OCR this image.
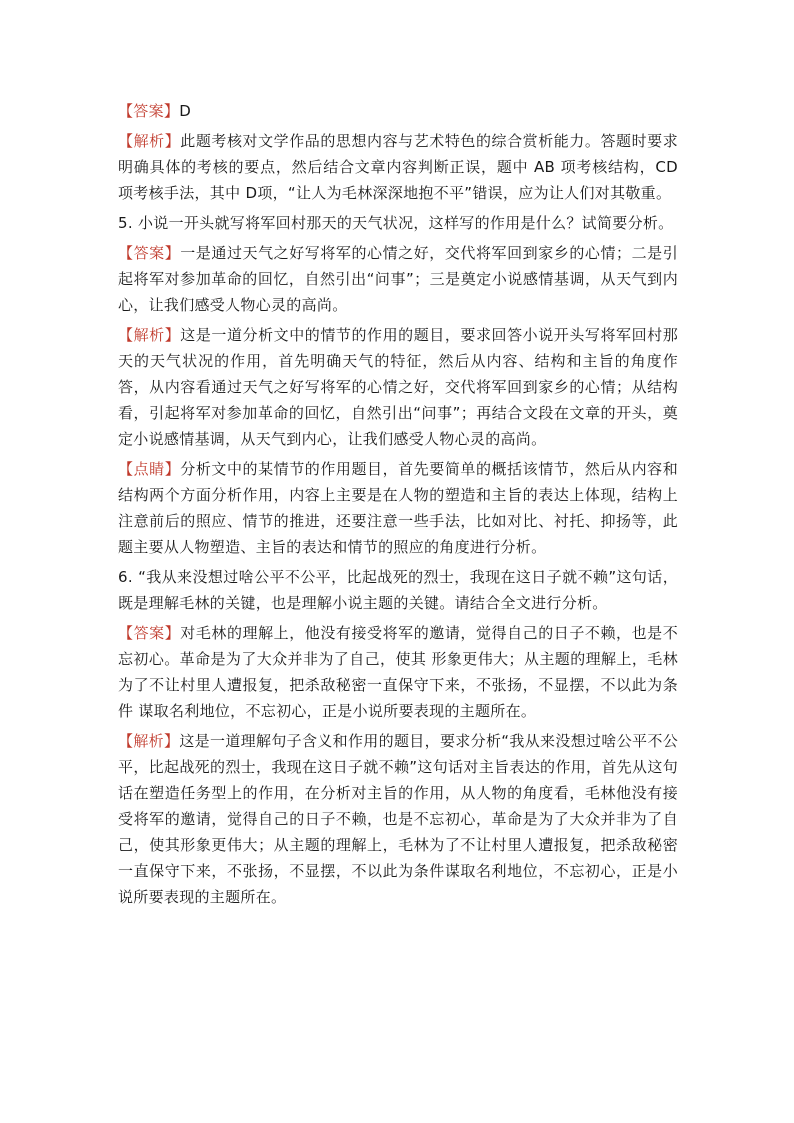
【答案】D

【解析】此题考核对文学作品的思想内容与艺术特色的综合赏析能力。答题时要求明确具体的考核的要点，然后结合文章内容判断正误，题中 AB 项考核结构，CD 项考核手法，其中 D项，“让人为毛林深深地抱不平”错误，应为让人们对其敬重。

5. 小说一开头就写将军回村那天的天气状况，这样写的作用是什么？试简要分析。

【答案】一是通过天气之好写将军的心情之好，交代将军回到家乡的心情；二是引起将军对参加革命的回忆，自然引出“问事”；三是奠定小说感情基调，从天气到内心，让我们感受人物心灵的高尚。

【解析】这是一道分析文中的情节的作用的题目，要求回答小说开头写将军回村那天的天气状况的作用，首先明确天气的特征，然后从内容、结构和主旨的角度作答，从内容看通过天气之好写将军的心情之好，交代将军回到家乡的心情；从结构看，引起将军对参加革命的回忆，自然引出“问事”；再结合文段在文章的开头，奠定小说感情基调，从天气到内心，让我们感受人物心灵的高尚。

【点睛】分析文中的某情节的作用题目，首先要简单的概括该情节，然后从内容和结构两个方面分析作用，内容上主要是在人物的塑造和主旨的表达上体现，结构上注意前后的照应、情节的推进，还要注意一些手法，比如对比、衬托、抑扬等，此题主要从人物塑造、主旨的表达和情节的照应的角度进行分析。

6. “我从来没想过啥公平不公平，比起战死的烈士，我现在这日子就不赖”这句话，既是理解毛林的关键，也是理解小说主题的关键。请结合全文进行分析。

【答案】对毛林的理解上，他没有接受将军的邀请，觉得自己的日子不赖，也是不忘初心。革命是为了大众并非为了自己，使其 形象更伟大；从主题的理解上，毛林为了不让村里人遭报复，把杀敌秘密一直保守下来，不张扬，不显摆，不以此为条件 谋取名利地位，不忘初心，正是小说所要表现的主题所在。

【解析】这是一道理解句子含义和作用的题目，要求分析“我从来没想过啥公平不公平，比起战死的烈士，我现在这日子就不赖”这句话对主旨表达的作用，首先从这句话在塑造任务型上的作用，在分析对主旨的作用，从人物的角度看，毛林他没有接受将军的邀请，觉得自己的日子不赖，也是不忘初心，革命是为了大众并非为了自己，使其形象更伟大；从主题的理解上，毛林为了不让村里人遭报复，把杀敌秘密一直保守下来，不张扬，不显摆，不以此为条件谋取名利地位，不忘初心，正是小说所要表现的主题所在。
